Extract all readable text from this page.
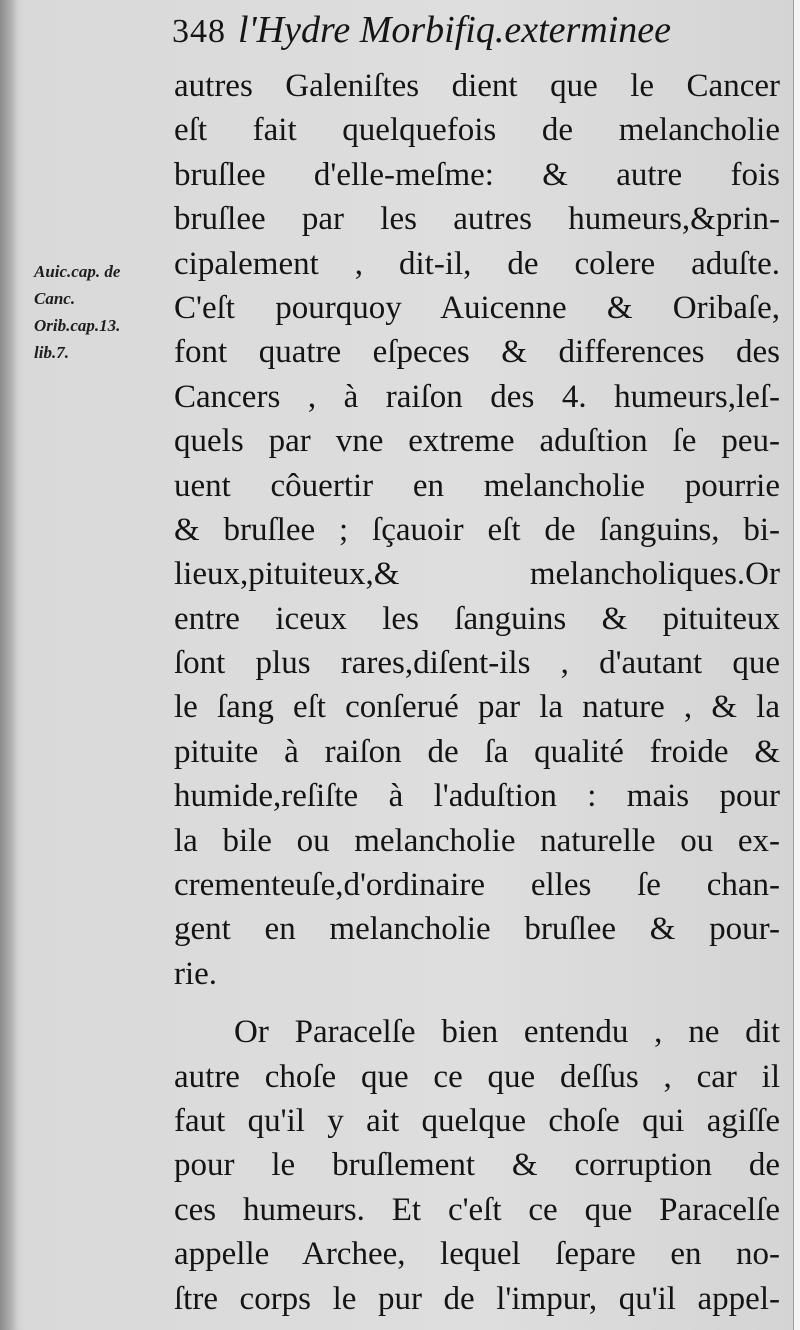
348 l'Hydre Morbifiq.exterminee
Auic.cap. de
Canc.
Orib.cap.13.
lib.7.
autres Galeniſtes dient que le Cancer
eſt fait quelquefois de melancholie
bruſlee d'elle-meſme: & autre fois
bruſlee par les autres humeurs,&prin-
cipalement , dit-il, de colere aduſte.
C'eſt pourquoy Auicenne & Oribaſe,
font quatre eſpeces & differences des
Cancers , à raiſon des 4. humeurs,leſ-
quels par vne extreme aduſtion ſe peu-
uent côuertir en melancholie pourrie
& bruſlee ; ſçauoir eſt de ſanguins, bi-
lieux,pituiteux,& melancholiques.Or
entre iceux les ſanguins & pituiteux
ſont plus rares,diſent-ils , d'autant que
le ſang eſt conſerué par la nature , & la
pituite à raiſon de ſa qualité froide &
humide,reſiſte à l'aduſtion : mais pour
la bile ou melancholie naturelle ou ex-
crementeuſe,d'ordinaire elles ſe chan-
gent en melancholie bruſlee & pour-
rie.
Or Paracelſe bien entendu , ne dit
autre choſe que ce que deſſus , car il
faut qu'il y ait quelque choſe qui agiſſe
pour le bruſlement & corruption de
ces humeurs. Et c'eſt ce que Paracelſe
appelle Archee, lequel ſepare en no-
ſtre corps le pur de l'impur, qu'il appel-
